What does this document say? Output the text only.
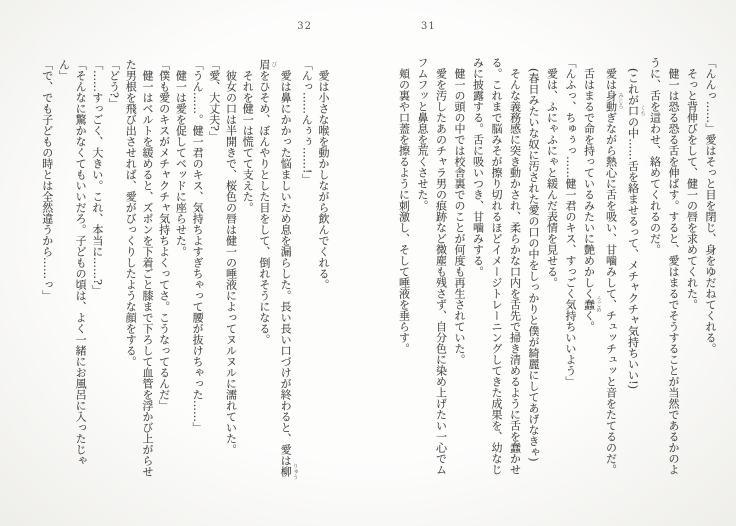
32
愛は小さな喉を動かしながら飲んでくれる。
「んっ……んぅぅ……!」
愛は鼻にかかった悩ましいため息を漏らした。長い長い口づけが終わると、愛は柳 りゅう
眉 びをひそめ、ぼんやりとした目をして、倒れそうになる。
それを健一は慌てて支えた。
彼女の口は半開きで、桜色の唇は健一の唾液によってヌルヌルに濡れていた。
「愛、大丈夫?」
「うん……。健一君のキス、気持ちよすぎちゃって腰が抜けちゃった……」
健一は愛を促してベッドに座らせた。
「僕も愛のキスがメチャクチャ気持ちよくってさ。こうなってるんだ」
健一はベルトを緩めると、ズボンを下着ごと膝まで下ろして血管を浮かび上がらせ
た男根を飛び出させれば、愛がびっくりしたような顔をする。
「どう?」
「……すっごく、大きい。これ、本当に……?」
「そんなに驚かなくてもいいだろ。子どもの頃は、よく一緒にお風呂に入ったじゃ
ん」
「で、でも子どもの時とは全然違うから……っ」
31
「んんっ……」愛はそっと目を閉じ、身をゆだねてくれる。
そっと背伸びをして、健一の唇を求めてくれた。
健一は恐る恐る舌を伸ばす。すると、愛はまるでそうすることが当然であるかのよ
うに、舌を這わせ、絡めてくれるのだ。
(これが口 くちの中……舌を絡ませるって、メチャクチャ気持ちいい!)
愛は身動 みじろぎながら熱心に舌を吸い、甘噛みして、チュッチュッと音をたてるのだ。
舌はまるで命を持っているみたいに艶めかしく蠢 うごめく。
「んふっ、ちゅぅっ……健一君のキス、すっごく気持ちいいよう」
愛は、ふにゃふにゃと緩んだ表情を見せる。
(春日みたいな奴に汚された愛の口の中をしっかりと僕が綺麗にしてあげなきゃ)
そんな義務感に突き動かされ、柔らかな口内を舌先で掃き清めるように舌を蠢かせ
る。これまで脳みそが擦り切れるほどイメージトレーニングしてきた成果を、幼なじ
みに披露する。舌に吸いつき、甘噛みする。
健一の頭の中では校舎裏でのことが何度も再生されていた。
愛を汚したあのチャラ男の痕跡など微塵も残さず、自分色に染め上げたい一心でム
フムフッと鼻息を荒くさせた。
頬の裏や口蓋を擦るように刺激し、そして唾液を垂らす。
